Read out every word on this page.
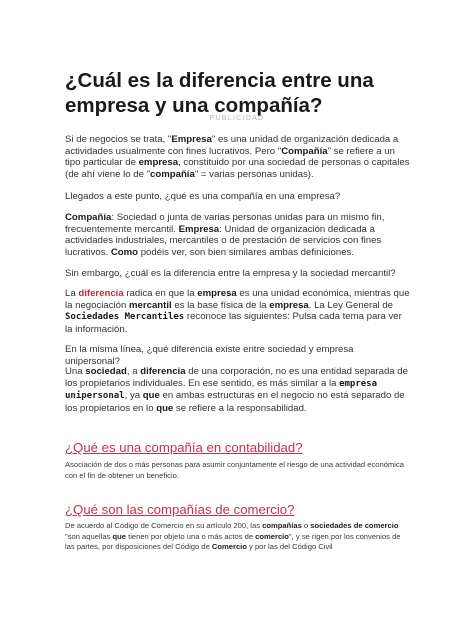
¿Cuál es la diferencia entre una empresa y una compañía?
PUBLICIDAD

Si de negocios se trata, "Empresa" es una unidad de organización dedicada a actividades usualmente con fines lucrativos. Pero "Compañía" se refiere a un tipo particular de empresa, constituido por una sociedad de personas o capitales (de ahí viene lo de "compañía" = varias personas unidas).

Llegados a este punto, ¿qué es una compañía en una empresa?

Compañía: Sociedad o junta de varias personas unidas para un mismo fin, frecuentemente mercantil. Empresa: Unidad de organización dedicada a actividades industriales, mercantiles o de prestación de servicios con fines lucrativos. Como podéis ver, son bien similares ambas definiciones.

Sin embargo, ¿cuál es la diferencia entre la empresa y la sociedad mercantil?

La diferencia radica en que la empresa es una unidad económica, mientras que la negociación mercantil es la base física de la empresa. La Ley General de Sociedades Mercantiles reconoce las siguientes: Pulsa cada tema para ver la información.

En la misma línea, ¿qué diferencia existe entre sociedad y empresa unipersonal?

Una sociedad, a diferencia de una corporación, no es una entidad separada de los propietarios individuales. En ese sentido, es más similar a la empresa unipersonal, ya que en ambas estructuras en el negocio no está separado de los propietarios en lo que se refiere a la responsabilidad.

¿Qué es una compañía en contabilidad?

Asociación de dos o más personas para asumir conjuntamente el riesgo de una actividad económica con el fin de obtener un beneficio.

¿Qué son las compañías de comercio?

De acuerdo al Código de Comercio en su artículo 200, las compañías o sociedades de comercio "son aquellas que tienen por objeto una o más actos de comercio", y se rigen por los convenios de las partes, por disposiciones del Código de Comercio y por las del Código Civil
